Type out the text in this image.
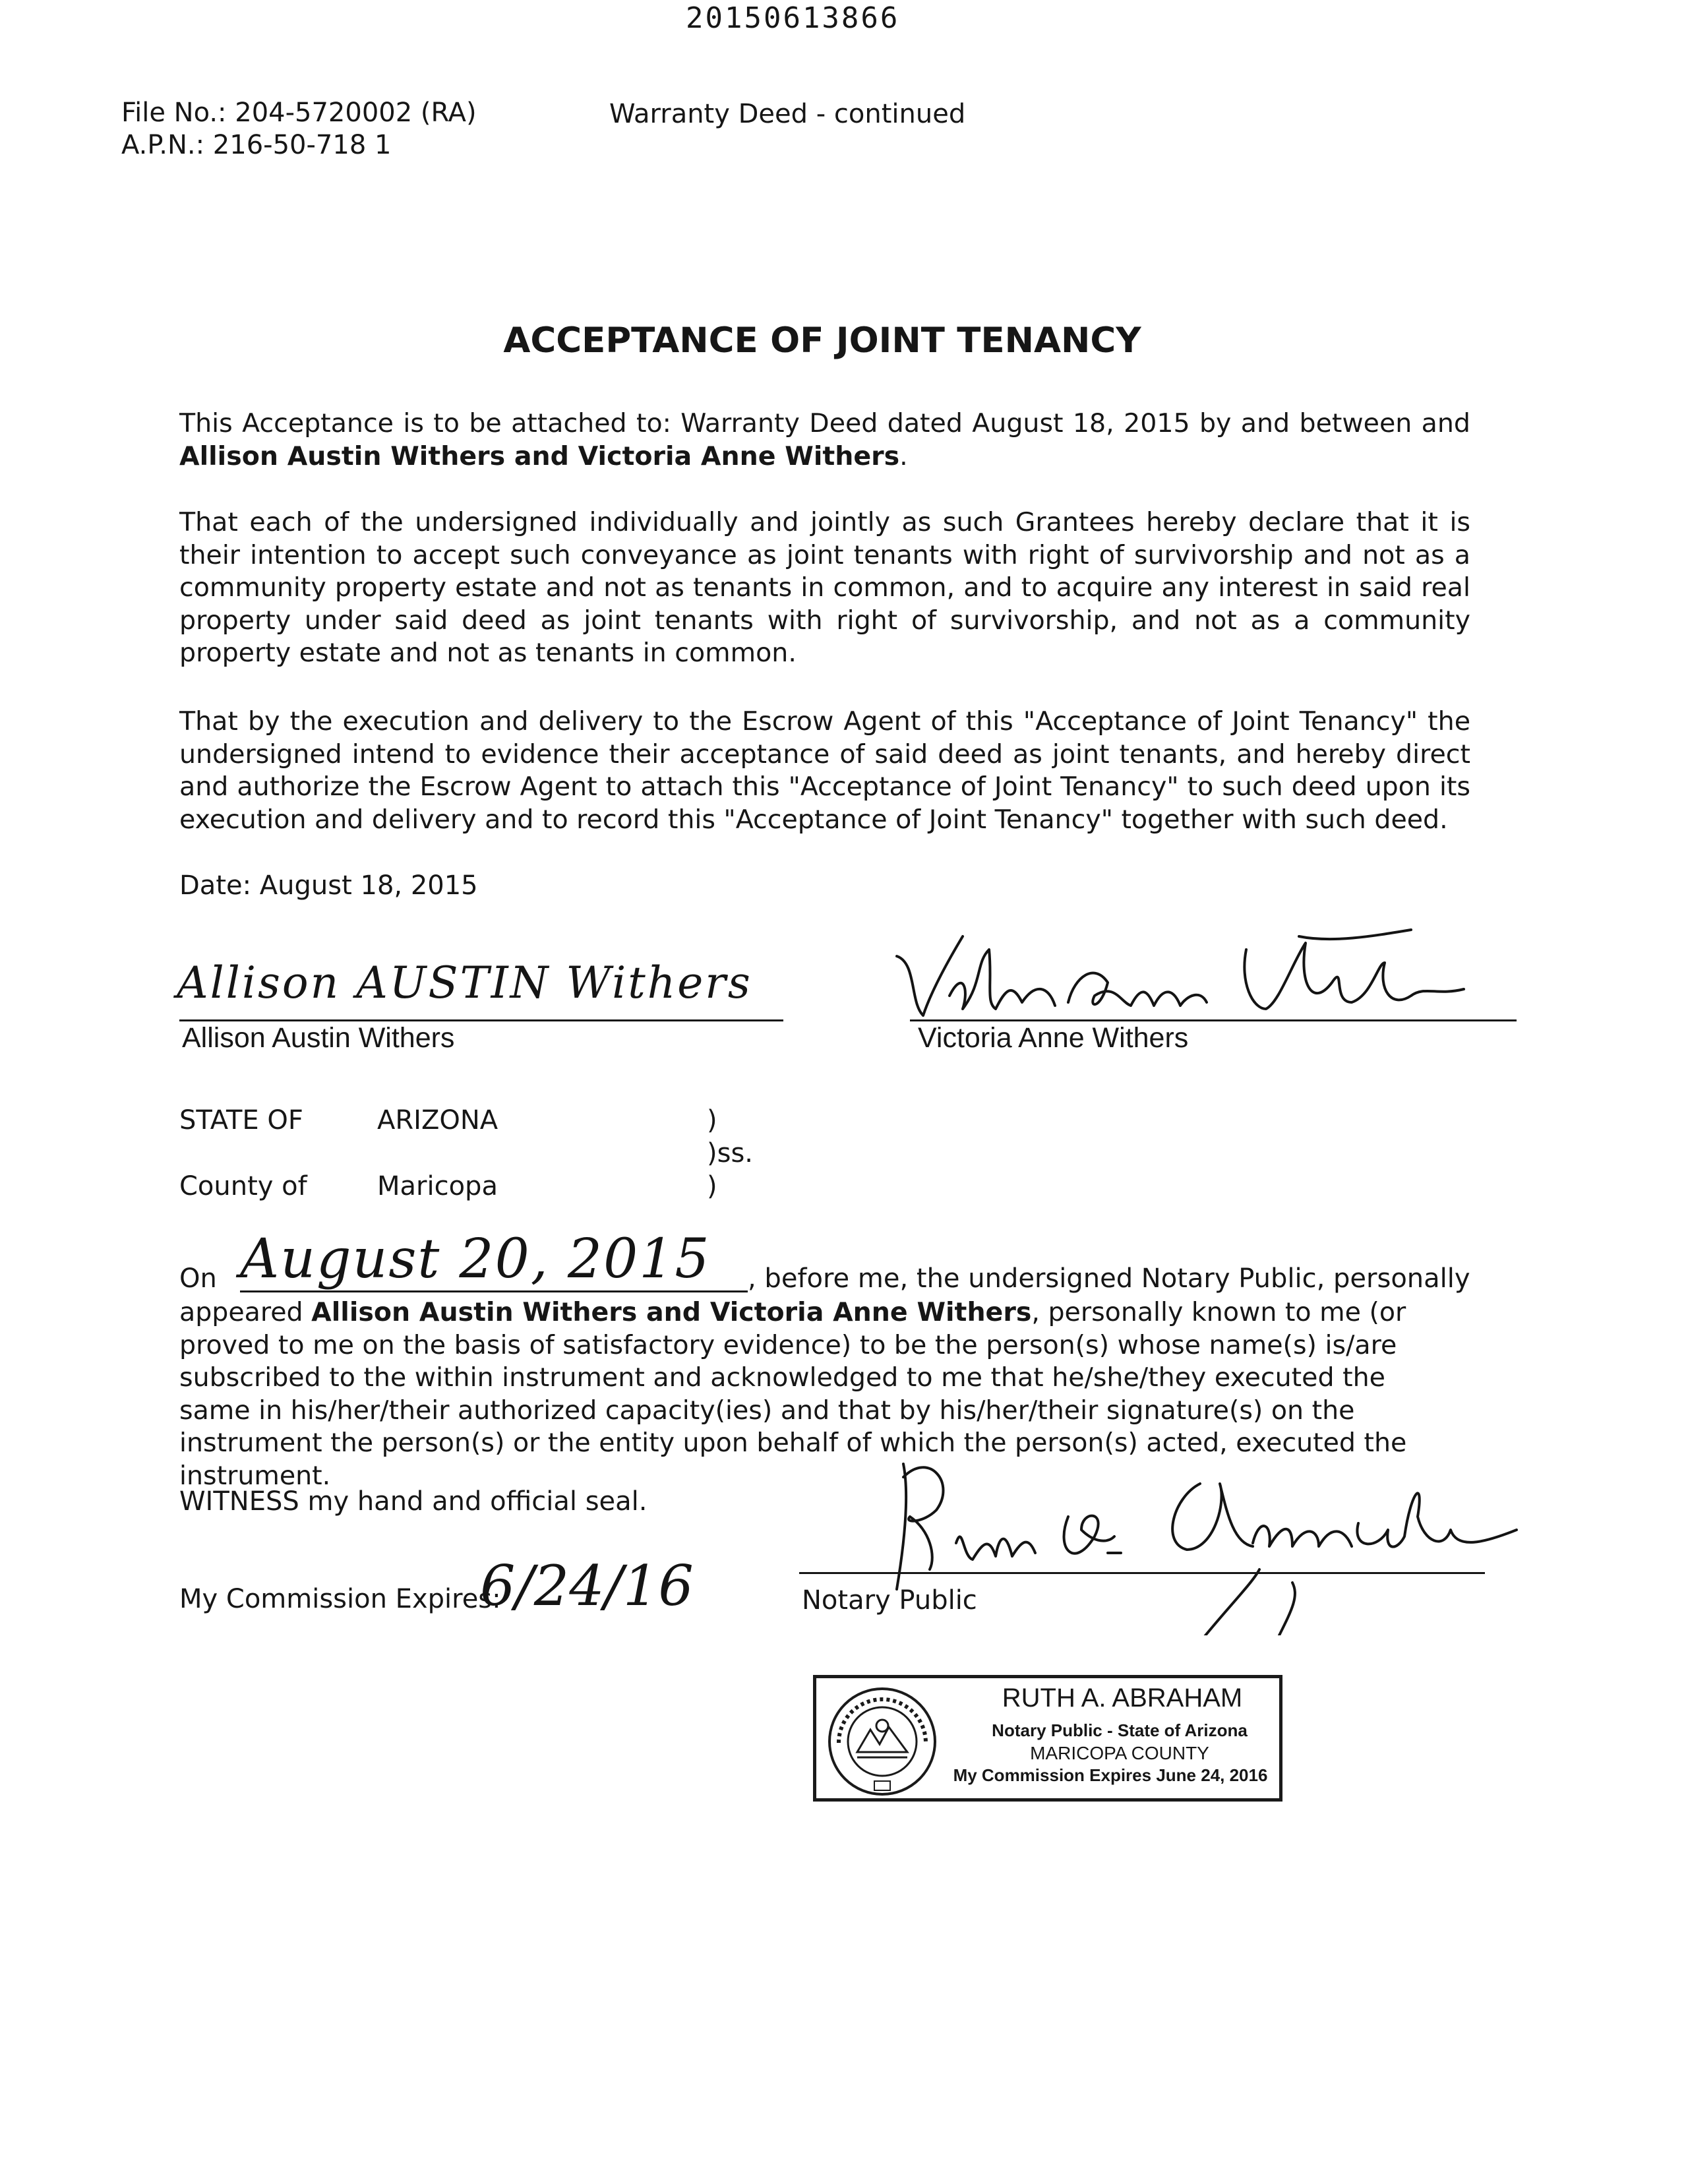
20150613866
File No.: 204-5720002 (RA)
A.P.N.: 216-50-718 1
Warranty Deed - continued
ACCEPTANCE OF JOINT TENANCY

This Acceptance is to be attached to: Warranty Deed dated August 18, 2015 by and between and Allison Austin Withers and Victoria Anne Withers.

That each of the undersigned individually and jointly as such Grantees hereby declare that it is their intention to accept such conveyance as joint tenants with right of survivorship and not as a community property estate and not as tenants in common, and to acquire any interest in said real property under said deed as joint tenants with right of survivorship, and not as a community property estate and not as tenants in common.

That by the execution and delivery to the Escrow Agent of this "Acceptance of Joint Tenancy" the undersigned intend to evidence their acceptance of said deed as joint tenants, and hereby direct and authorize the Escrow Agent to attach this "Acceptance of Joint Tenancy" to such deed upon its execution and delivery and to record this "Acceptance of Joint Tenancy" together with such deed.

Date: August 18, 2015
Allison AUSTIN Withers
Allison Austin Withers	Victoria Anne Withers
STATE OF	ARIZONA	)
)ss.
County of	Maricopa	)
On August 20, 2015 , before me, the undersigned Notary Public, personally
appeared Allison Austin Withers and Victoria Anne Withers, personally known to me (or proved to me on the basis of satisfactory evidence) to be the person(s) whose name(s) is/are subscribed to the within instrument and acknowledged to me that he/she/they executed the same in his/her/their authorized capacity(ies) and that by his/her/their signature(s) on the instrument the person(s) or the entity upon behalf of which the person(s) acted, executed the instrument.
WITNESS my hand and official seal.
My Commission Expires:
6/24/16	Notary Public
RUTH A. ABRAHAM
Notary Public - State of Arizona
MARICOPA COUNTY
My Commission Expires June 24, 2016
